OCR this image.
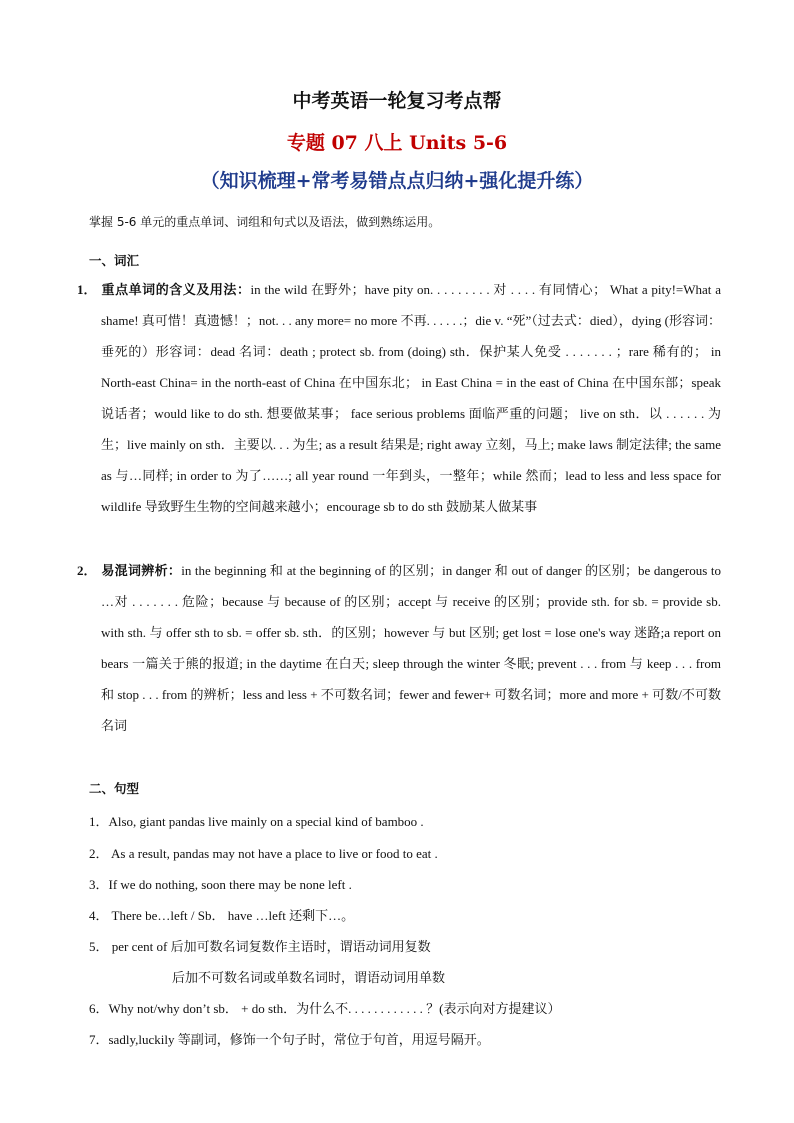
中考英语一轮复习考点帮
专题 07 八上 Units 5-6
（知识梳理+常考易错点点归纳+强化提升练）
掌握 5-6 单元的重点单词、词组和句式以及语法，做到熟练运用。
一、词汇
1． 重点单词的含义及用法：in the wild 在野外；have pity on. . . . . . . . . 对 . . . . 有同情心； What a pity!=What a shame! 真可惜！真遗憾！；not. . . any more= no more 不再. . . . . .；die v. “死”（过去式：died），dying (形容词：垂死的）形容词：dead 名词：death ; protect sb. from (doing) sth．保护某人免受 . . . . . . . ；rare 稀有的； in North-east China= in the north-east of China 在中国东北； in East China = in the east of China 在中国东部；speak 说话者；would like to do sth. 想要做某事； face serious problems 面临严重的问题； live on sth．以 . . . . . . 为生；live mainly on sth．主要以. . . 为生; as a result 结果是; right away 立刻，马上; make laws 制定法律; the same as 与…同样; in order to 为了……; all year round 一年到头，一整年；while 然而；lead to less and less space for wildlife 导致野生生物的空间越来越小；encourage sb to do sth 鼓励某人做某事
2． 易混词辨析：in the beginning 和 at the beginning of 的区别；in danger 和 out of danger 的区别；be dangerous to …对 . . . . . . . 危险；because 与 because of 的区别；accept 与 receive 的区别；provide sth. for sb. = provide sb. with sth. 与 offer sth to sb. = offer sb. sth．的区别；however 与 but 区别; get lost = lose one's way 迷路;a report on bears 一篇关于熊的报道; in the daytime 在白天; sleep through the winter 冬眠; prevent . . . from 与 keep . . . from 和 stop . . . from 的辨析；less and less + 不可数名词；fewer and fewer+ 可数名词；more and more + 可数/不可数名词
二、句型
1．Also, giant pandas live mainly on a special kind of bamboo .
2． As a result, pandas may not have a place to live or food to eat .
3．If we do nothing, soon there may be none left .
4． There be…left / Sb． have …left 还剩下…。
5． per cent of 后加可数名词复数作主语时，谓语动词用复数
后加不可数名词或单数名词时，谓语动词用单数
6．Why not/why don’t sb． + do sth．为什么不. . . . . . . . . . . . ？(表示向对方提建议）
7．sadly,luckily 等副词，修饰一个句子时，常位于句首，用逗号隔开。
